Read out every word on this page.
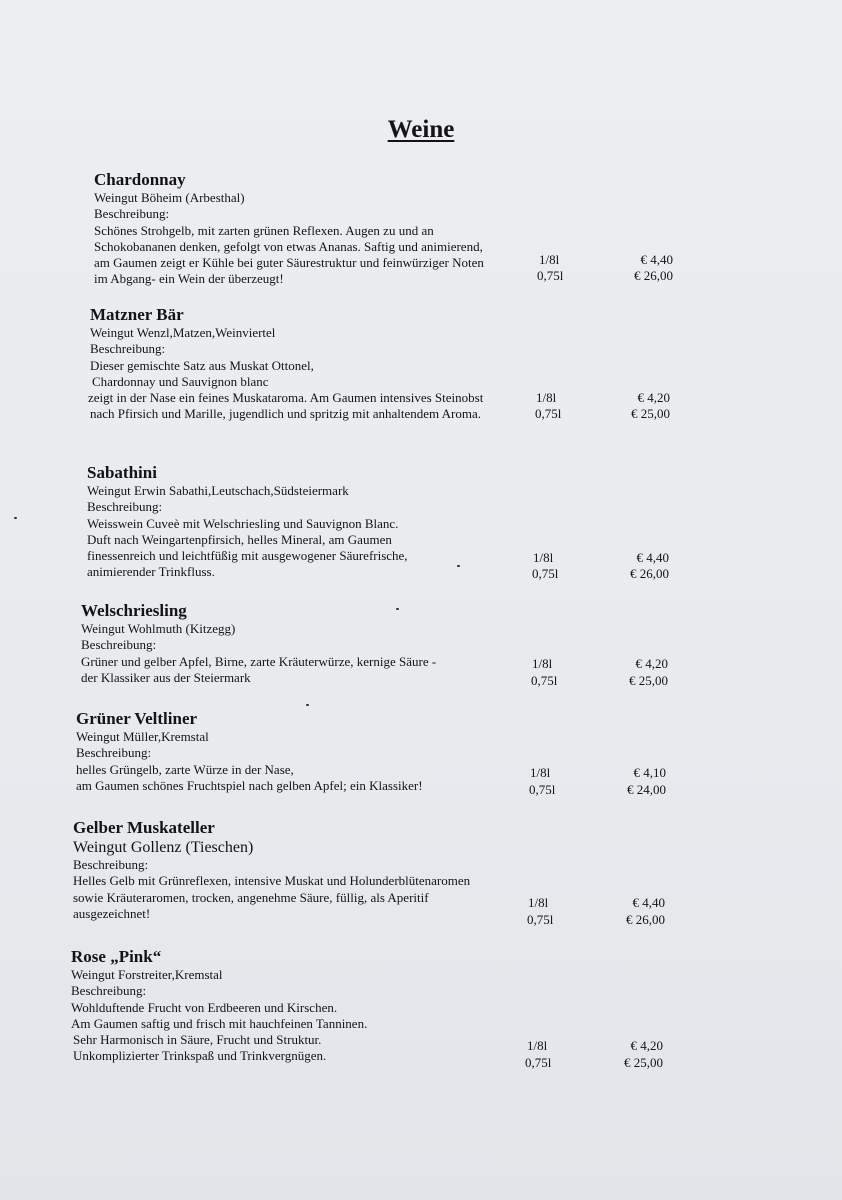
Weine
Chardonnay
Weingut Böheim (Arbesthal)
Beschreibung:
Schönes Strohgelb, mit zarten grünen Reflexen. Augen zu und an
Schokobananen denken, gefolgt von etwas Ananas. Saftig und animierend,
am Gaumen zeigt er Kühle bei guter Säurestruktur und feinwürziger Noten
im Abgang- ein Wein der überzeugt!
1/8l
0,75l
€ 4,40
€ 26,00
Matzner Bär
Weingut Wenzl,Matzen,Weinviertel
Beschreibung:
Dieser gemischte Satz aus Muskat Ottonel,
Chardonnay und Sauvignon blanc
zeigt in der Nase ein feines Muskataroma. Am Gaumen intensives Steinobst
nach Pfirsich und Marille, jugendlich und spritzig mit anhaltendem Aroma.
1/8l
0,75l
€ 4,20
€ 25,00
Sabathini
Weingut Erwin Sabathi,Leutschach,Südsteiermark
Beschreibung:
Weisswein Cuveè mit Welschriesling und Sauvignon Blanc.
Duft nach Weingartenpfirsich, helles Mineral, am Gaumen
finessenreich und leichtfüßig mit ausgewogener Säurefrische,
animierender Trinkfluss.
1/8l
0,75l
€ 4,40
€ 26,00
Welschriesling
Weingut Wohlmuth (Kitzegg)
Beschreibung:
Grüner und gelber Apfel, Birne, zarte Kräuterwürze, kernige Säure -
der Klassiker aus der Steiermark
1/8l
0,75l
€ 4,20
€ 25,00
Grüner Veltliner
Weingut Müller,Kremstal
Beschreibung:
helles Grüngelb, zarte Würze in der Nase,
am Gaumen schönes Fruchtspiel nach gelben Apfel; ein Klassiker!
1/8l
0,75l
€ 4,10
€ 24,00
Gelber Muskateller
Weingut Gollenz (Tieschen)
Beschreibung:
Helles Gelb mit Grünreflexen, intensive Muskat und Holunderblütenaromen
sowie Kräuteraromen, trocken, angenehme Säure, füllig, als Aperitif
ausgezeichnet!
1/8l
0,75l
€ 4,40
€ 26,00
Rose „Pink“
Weingut Forstreiter,Kremstal
Beschreibung:
Wohlduftende Frucht von Erdbeeren und Kirschen.
Am Gaumen saftig und frisch mit hauchfeinen Tanninen.
Sehr Harmonisch in Säure, Frucht und Struktur.
Unkomplizierter Trinkspaß und Trinkvergnügen.
1/8l
0,75l
€ 4,20
€ 25,00
